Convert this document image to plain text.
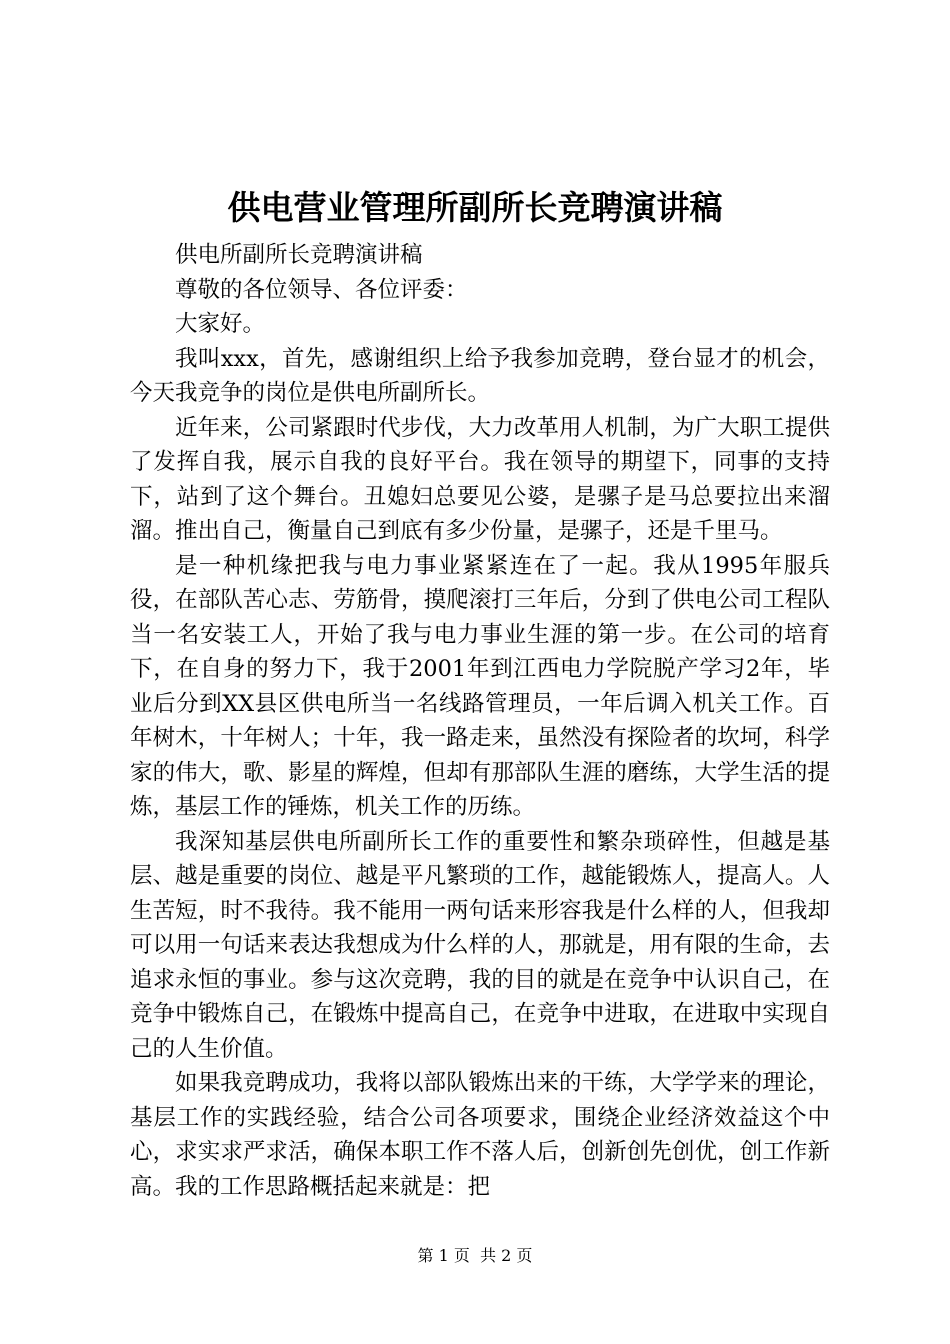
供电营业管理所副所长竞聘演讲稿

供电所副所长竞聘演讲稿

尊敬的各位领导、各位评委：

大家好。

我叫xxx，首先，感谢组织上给予我参加竞聘，登台显才的机会，今天我竞争的岗位是供电所副所长。

近年来，公司紧跟时代步伐，大力改革用人机制，为广大职工提供了发挥自我，展示自我的良好平台。我在领导的期望下，同事的支持下，站到了这个舞台。丑媳妇总要见公婆，是骡子是马总要拉出来溜溜。推出自己，衡量自己到底有多少份量，是骡子，还是千里马。

是一种机缘把我与电力事业紧紧连在了一起。我从1995年服兵役，在部队苦心志、劳筋骨，摸爬滚打三年后，分到了供电公司工程队当一名安装工人，开始了我与电力事业生涯的第一步。在公司的培育下，在自身的努力下，我于2001年到江西电力学院脱产学习2年，毕业后分到XX县区供电所当一名线路管理员，一年后调入机关工作。百年树木，十年树人；十年，我一路走来，虽然没有探险者的坎坷，科学家的伟大，歌、影星的辉煌，但却有那部队生涯的磨练，大学生活的提炼，基层工作的锤炼，机关工作的历练。

我深知基层供电所副所长工作的重要性和繁杂琐碎性，但越是基层、越是重要的岗位、越是平凡繁琐的工作，越能锻炼人，提高人。人生苦短，时不我待。我不能用一两句话来形容我是什么样的人，但我却可以用一句话来表达我想成为什么样的人，那就是，用有限的生命，去追求永恒的事业。参与这次竞聘，我的目的就是在竞争中认识自己，在竞争中锻炼自己，在锻炼中提高自己，在竞争中进取，在进取中实现自己的人生价值。

如果我竞聘成功，我将以部队锻炼出来的干练，大学学来的理论，基层工作的实践经验，结合公司各项要求，围绕企业经济效益这个中心，求实求严求活，确保本职工作不落人后，创新创先创优，创工作新高。我的工作思路概括起来就是：把

第 1 页  共 2 页
